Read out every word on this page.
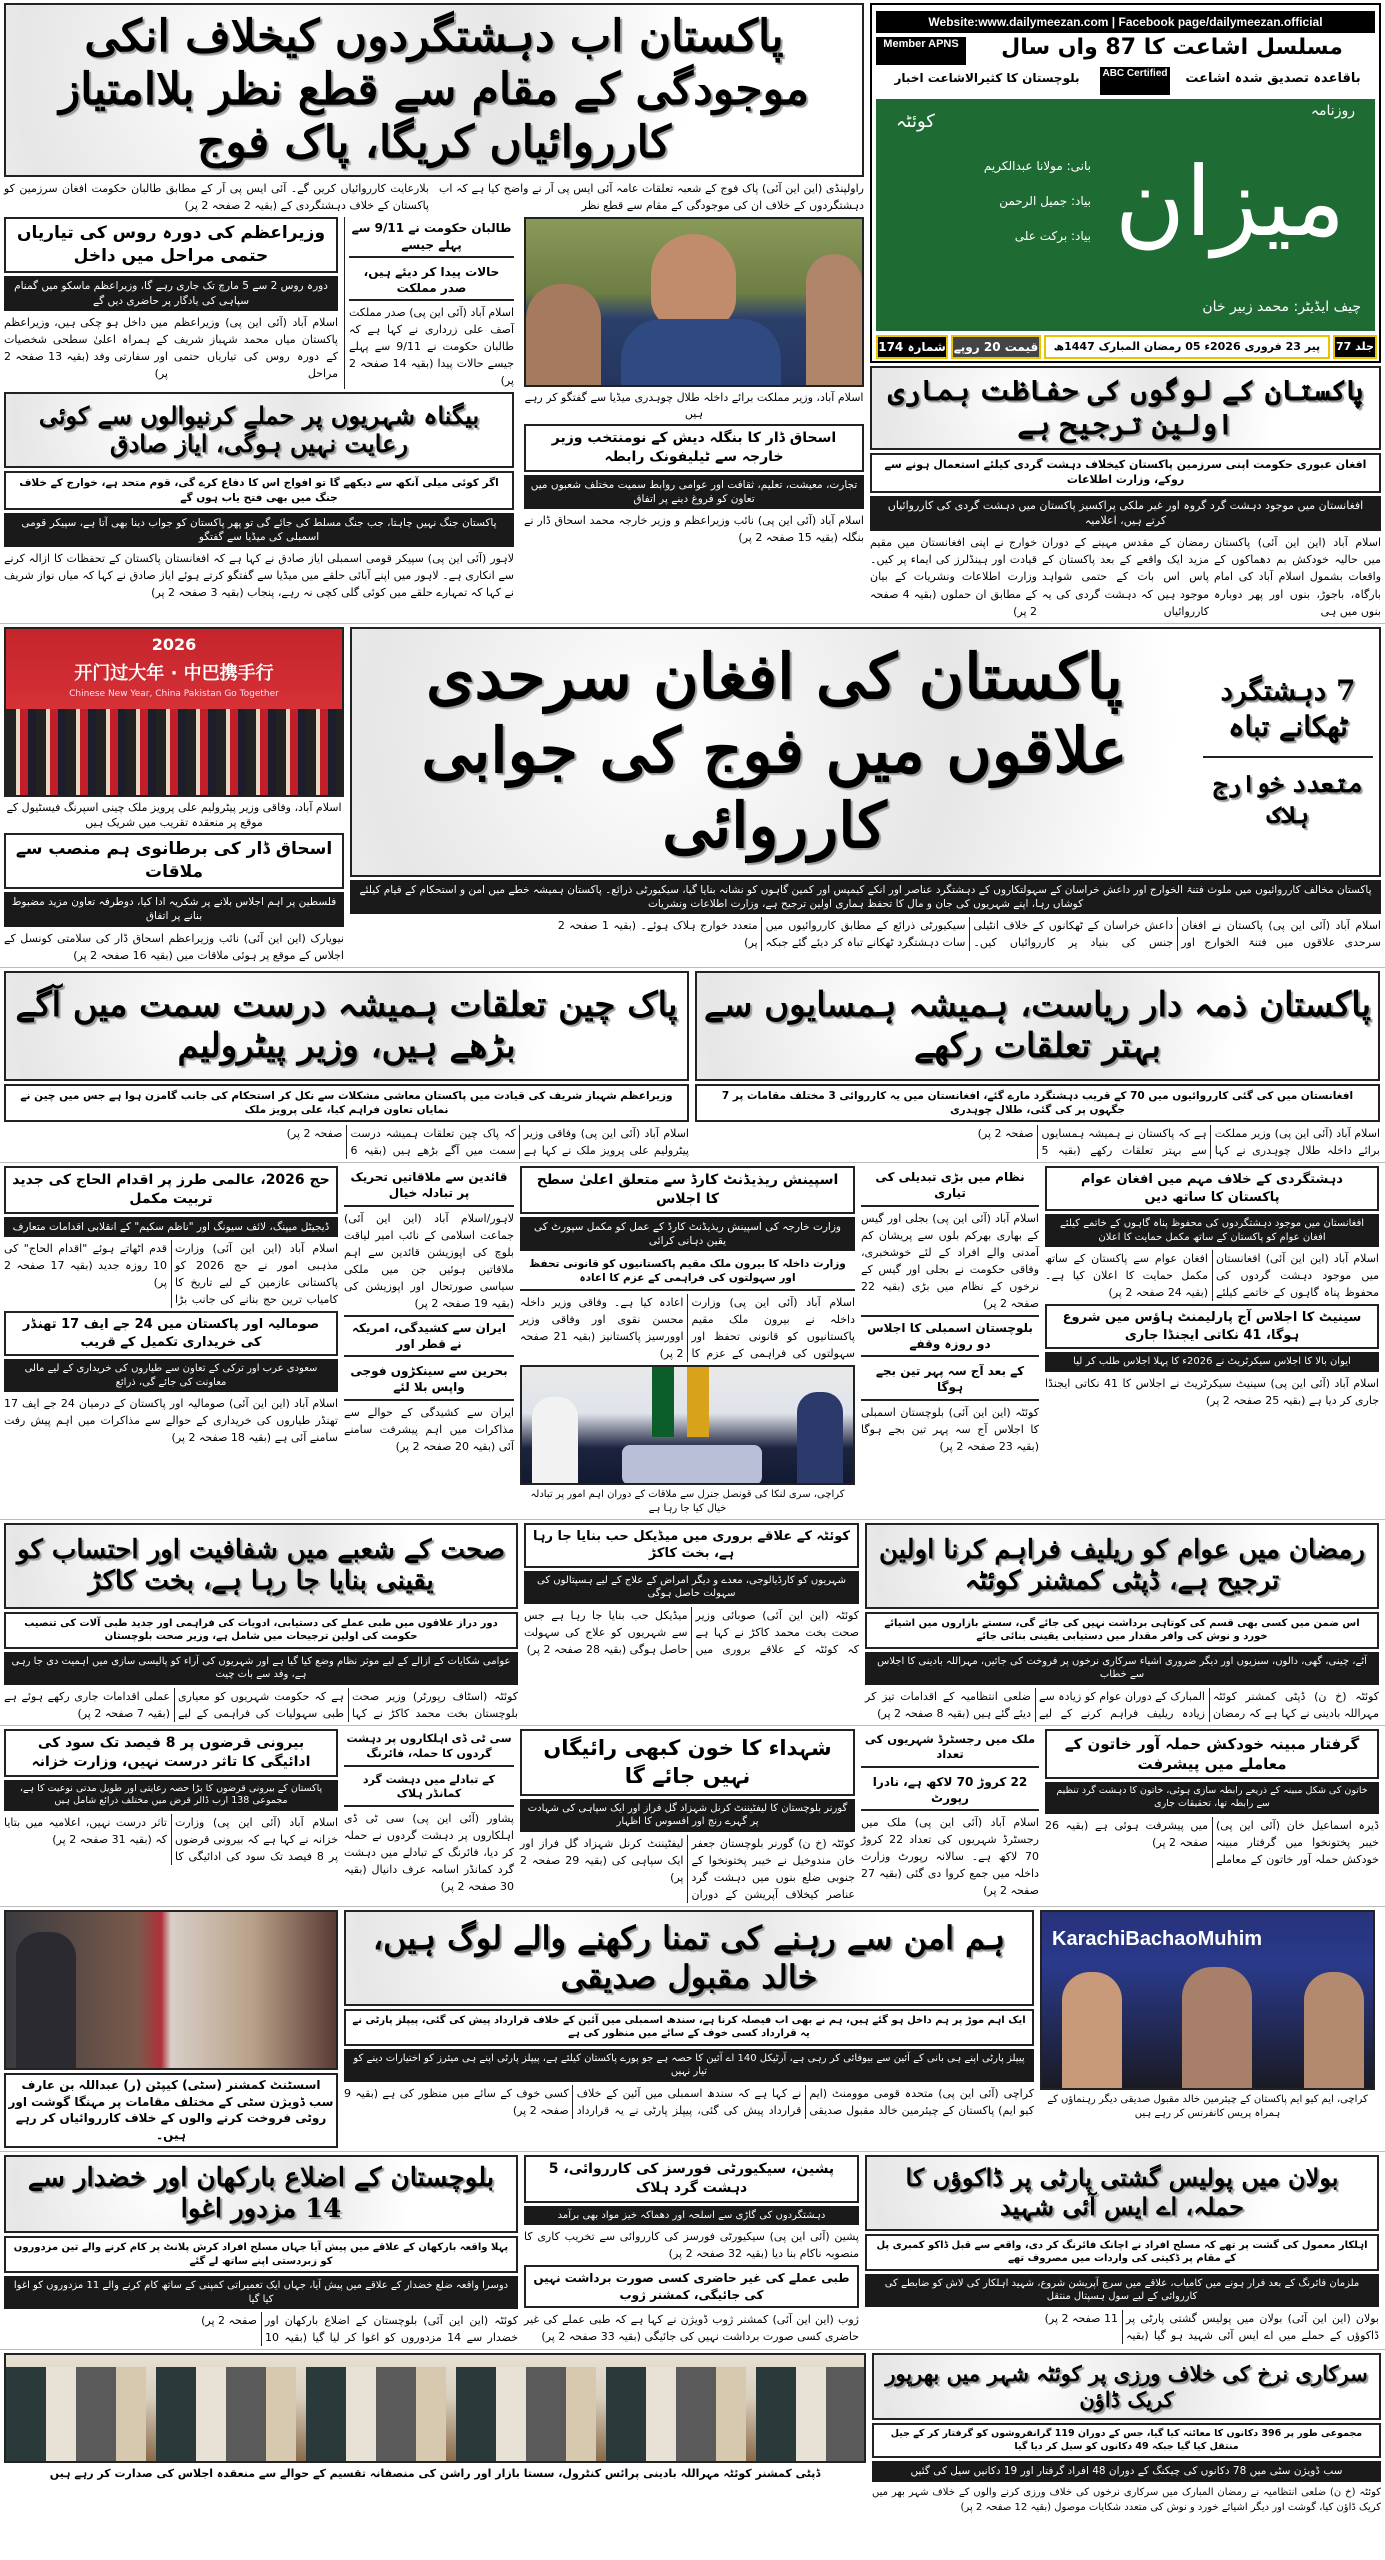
پاکستان اب دہشتگردوں کیخلاف انکی موجودگی کے مقام سے قطع نظر بلاامتیاز کارروائیاں کریگا، پاک فوج
بلارعایت کارروائیاں کریں گے۔ آئی ایس پی آر کے مطابق طالبان حکومت افغان سرزمین کو پاکستان کے خلاف دہشتگردی کے (بقیہ 2 صفحہ 2 پر)
راولپنڈی (این این آئی) پاک فوج کے شعبہ تعلقات عامہ آئی ایس پی آر نے واضح کیا ہے کہ اب دہشتگردوں کے خلاف ان کی موجودگی کے مقام سے قطع نظر
وزیراعظم کی دورہ روس کی تیاریاں حتمی مراحل میں داخل
دورہ روس 2 سے 5 مارچ تک جاری رہے گا، وزیراعظم ماسکو میں گمنام سپاہی کی یادگار پر حاضری دیں گے
میں داخل ہو چکی ہیں، وزیراعظم کے ہمراہ اعلیٰ سطحی شخصیات اور سفارتی وفد (بقیہ 13 صفحہ 2 پر)
اسلام آباد (آئی این پی) وزیراعظم پاکستان میاں محمد شہباز شریف کے دورہ روس کی تیاریاں حتمی مراحل
طالبان حکومت نے 9/11 سے پہلے جیسے
حالات پیدا کر دیئے ہیں، صدر مملکت
اسلام آباد (آئی این پی) صدر مملکت آصف علی زرداری نے کہا ہے کہ طالبان حکومت نے 9/11 سے پہلے جیسے حالات پیدا (بقیہ 14 صفحہ 2 پر)
بیگناہ شہریوں پر حملے کرنیوالوں سے کوئی رعایت نہیں ہوگی، ایاز صادق
اگر کوئی میلی آنکھ سے دیکھے گا تو افواج اس کا دفاع کرے گی، قوم متحد ہے، خوارج کے خلاف جنگ میں بھی فتح یاب ہوں گے
پاکستان جنگ نہیں چاہتا، جب جنگ مسلط کی جائے گی تو پھر پاکستان کو جواب دینا بھی آتا ہے، سپیکر قومی اسمبلی کی میڈیا سے گفتگو
لاہور (آئی این پی) سپیکر قومی اسمبلی ایاز صادق نے کہا ہے کہ افغانستان پاکستان کے تحفظات کا ازالہ کرنے سے انکاری ہے۔ لاہور میں اپنے آبائی حلقے میں میڈیا سے گفتگو کرتے ہوئے ایاز صادق نے کہا کہ میاں نواز شریف نے کہا کہ تمہارے حلقے میں کوئی گلی کچی نہ رہے، پنجاب (بقیہ 3 صفحہ 2 پر)
اسلام آباد، وزیر مملکت برائے داخلہ طلال چوہدری میڈیا سے گفتگو کر رہے ہیں
اسحاق ڈار کا بنگلہ دیش کے نومنتخب وزیر خارجہ سے ٹیلیفونک رابطہ
تجارت، معیشت، تعلیم، ثقافت اور عوامی روابط سمیت مختلف شعبوں میں تعاون کو فروغ دینے پر اتفاق
اسلام آباد (آئی این پی) نائب وزیراعظم و وزیر خارجہ محمد اسحاق ڈار نے بنگلہ (بقیہ 15 صفحہ 2 پر)
Website:www.dailymeezan.com | Facebook page/dailymeezan.official
Member APNS	مسلسل اشاعت کا 87 واں سال
باقاعدہ تصدیق شدہ اشاعت
ABC Certified
بلوچستان کا کثیرالاشاعت اخبار
روزنامہ
میزان
کوئٹہ
بانی: مولانا عبدالکریم
بیاد: جمیل الرحمن
بیاد: برکت علی
چیف ایڈیٹر: محمد زبیر خان
شمارہ 174 قیمت 20 روپے	پیر 23 فروری 2026ء 05 رمضان المبارک 1447ھ	جلد 77
پاکستان کے لوگوں کی حفاظت ہماری اولین ترجیح ہے
افغان عبوری حکومت اپنی سرزمین پاکستان کیخلاف دہشت گردی کیلئے استعمال ہونے سے روکے، وزارت اطلاعات
افغانستان میں موجود دہشت گرد گروہ اور غیر ملکی پراکسیز پاکستان میں دہشت گردی کی کارروائیاں کرتے ہیں، اعلامیہ
خوارج نے اپنی افغانستان میں مقیم قیادت اور ہینڈلرز کی ایماء پر کیں۔ وزارت اطلاعات ونشریات کے بیان کے مطابق ان حملوں (بقیہ 4 صفحہ 2 پر)
رمضان کے مقدس مہینے کے دوران مزید ایک واقعے کے بعد پاکستان کے پاس اس بات کے حتمی شواہد موجود ہیں کہ دہشت گردی کی یہ کارروائیاں
اسلام آباد (این این آئی) پاکستان میں حالیہ خودکش بم دھماکوں کے واقعات بشمول اسلام آباد کی امام بارگاہ، باجوڑ، بنوں اور پھر دوبارہ بنوں میں ہی
2026
开门过大年 · 中巴携手行
Chinese New Year, China Pakistan Go Together
اسلام آباد، وفاقی وزیر پیٹرولیم علی پرویز ملک چینی اسپرنگ فیسٹیول کے موقع پر منعقدہ تقریب میں شریک ہیں
اسحاق ڈار کی برطانوی ہم منصب سے ملاقات
فلسطین پر اہم اجلاس بلانے پر شکریہ ادا کیا، دوطرفہ تعاون مزید مضبوط بنانے پر اتفاق
نیویارک (این این آئی) نائب وزیراعظم اسحاق ڈار کی سلامتی کونسل کے اجلاس کے موقع پر ہوئی ملاقات میں (بقیہ 16 صفحہ 2 پر)
7 دہشتگرد ٹھکانے تباہ
متعدد خوارج ہلاک
پاکستان کی افغان سرحدی علاقوں میں فوج کی جوابی کارروائی
پاکستان مخالف کارروائیوں میں ملوث فتنۃ الخوارج اور داعش خراسان کے سہولتکاروں کے دہشتگرد عناصر اور انکے کیمپس اور کمین گاہوں کو نشانہ بنایا گیا، سیکیورٹی ذرائع۔ پاکستان ہمیشہ خطے میں امن و استحکام کے قیام کیلئے کوشاں رہا، اپنے شہریوں کی جان و مال کا تحفظ ہماری اولین ترجیح ہے، وزارت اطلاعات ونشریات
اسلام آباد (آئی این پی) پاکستان نے افغان سرحدی علاقوں میں فتنۃ الخوارج اور داعش خراسان کے ٹھکانوں کے خلاف انٹیلی جنس کی بنیاد پر کارروائیاں کیں۔ سیکیورٹی ذرائع کے مطابق کارروائیوں میں سات دہشتگرد ٹھکانے تباہ کر دیئے گئے جبکہ متعدد خوارج ہلاک ہوئے۔ (بقیہ 1 صفحہ 2 پر)
پاک چین تعلقات ہمیشہ درست سمت میں آگے بڑھے ہیں، وزیر پیٹرولیم
وزیراعظم شہباز شریف کی قیادت میں پاکستان معاشی مشکلات سے نکل کر استحکام کی جانب گامزن ہوا ہے جس میں چین نے نمایاں تعاون فراہم کیا، علی پرویز ملک
اسلام آباد (آئی این پی) وفاقی وزیر پیٹرولیم علی پرویز ملک نے کہا ہے کہ پاک چین تعلقات ہمیشہ درست سمت میں آگے بڑھے ہیں (بقیہ 6 صفحہ 2 پر)
پاکستان ذمہ دار ریاست، ہمیشہ ہمسایوں سے بہتر تعلقات رکھے
افغانستان میں کی گئی کارروائیوں میں 70 کے قریب دہشتگرد مارے گئے، افغانستان میں یہ کارروائی 3 مختلف مقامات پر 7 جگہوں پر کی گئی، طلال چوہدری
اسلام آباد (آئی این پی) وزیر مملکت برائے داخلہ طلال چوہدری نے کہا ہے کہ پاکستان نے ہمیشہ ہمسایوں سے بہتر تعلقات رکھے (بقیہ 5 صفحہ 2 پر)
حج 2026، عالمی طرز پر اقدام الحاج کی جدید تربیت مکمل
ڈیجیٹل میپنگ، لائف سیونگ اور "ناظم سکیم" کے انقلابی اقدامات متعارف
اسلام آباد (این این آئی) وزارت مذہبی امور نے حج 2026 کو پاکستانی عازمین کے لیے تاریخ کا کامیاب ترین حج بنانے کی جانب بڑا قدم اٹھاتے ہوئے "اقدام الحاج" کی 10 روزہ جدید (بقیہ 17 صفحہ 2 پر)
صومالیہ اور پاکستان میں 24 جے ایف 17 تھنڈر کی خریداری تکمیل کے قریب
سعودی عرب اور ترکی کے تعاون سے طیاروں کی خریداری کے لیے مالی معاونت کی جائے گی، ذرائع
اسلام آباد (این این آئی) صومالیہ اور پاکستان کے درمیان 24 جے ایف 17 تھنڈر طیاروں کی خریداری کے حوالے سے مذاکرات میں اہم پیش رفت سامنے آئی ہے (بقیہ 18 صفحہ 2 پر)
قائدین سے ملاقاتیں تحریک پر تبادلہ خیال
لاہور/اسلام آباد (این این آئی) جماعت اسلامی کے نائب امیر لیاقت بلوچ کی اپوزیشن قائدین سے اہم ملاقاتیں ہوئیں جن میں ملکی سیاسی صورتحال اور اپوزیشن کی (بقیہ 19 صفحہ 2 پر)
ایران سے کشیدگی، امریکہ نے قطر اور
بحرین سے سینکڑوں فوجی واپس بلا لئے
ایران سے کشیدگی کے حوالے سے مذاکرات میں اہم پیشرفت سامنے آئی (بقیہ 20 صفحہ 2 پر)
اسپینش ریذیڈنٹ کارڈ سے متعلق اعلیٰ سطح کا اجلاس
وزارت خارجہ کی اسپینش ریذیڈنٹ کارڈ کے عمل کو مکمل سپورٹ کی یقین دہانی کرائی
وزارت داخلہ کا بیرون ملک مقیم پاکستانیوں کو قانونی تحفظ اور سہولتوں کی فراہمی کے عزم کا اعادہ
اسلام آباد (آئی این پی) وزارت داخلہ نے بیرون ملک مقیم پاکستانیوں کو قانونی تحفظ اور سہولتوں کی فراہمی کے عزم کا اعادہ کیا ہے۔ وفاقی وزیر داخلہ محسن نقوی اور وفاقی وزیر اوورسیز پاکستانیز (بقیہ 21 صفحہ 2 پر)
کراچی، سری لنکا کی قونصل جنرل سے ملاقات کے دوران اہم امور پر تبادلہ خیال کیا جا رہا ہے
نظام میں بڑی تبدیلی کی تیاری
اسلام آباد (آئی این پی) بجلی اور گیس کے بھاری بھرکم بلوں سے پریشان کم آمدنی والے افراد کے لئے خوشخبری، وفاقی حکومت نے بجلی اور گیس کے نرخوں کے نظام میں بڑی (بقیہ 22 صفحہ 2 پر)
بلوچستان اسمبلی کا اجلاس دو روزہ وقفے
کے بعد آج سہ پہر تین بجے ہوگا
کوئٹہ (این این آئی) بلوچستان اسمبلی کا اجلاس آج سہ پہر تین بجے ہوگا (بقیہ 23 صفحہ 2 پر)
دہشتگردی کے خلاف مہم میں افغان عوام پاکستان کا ساتھ دیں
افغانستان میں موجود دہشتگردوں کی محفوظ پناہ گاہوں کے خاتمے کیلئے افغان عوام کو پاکستان کے ساتھ مکمل حمایت کا اعلان
اسلام آباد (این این آئی) افغانستان میں موجود دہشت گردوں کی محفوظ پناہ گاہوں کے خاتمے کیلئے افغان عوام سے پاکستان کے ساتھ مکمل حمایت کا اعلان کیا ہے۔ (بقیہ 24 صفحہ 2 پر)
سینیٹ کا اجلاس آج پارلیمنٹ ہاؤس میں شروع ہوگا، 41 نکاتی ایجنڈا جاری
ایوان بالا کا اجلاس سیکرٹریٹ نے 2026ء کا پہلا اجلاس طلب کر لیا
اسلام آباد (آئی این پی) سینیٹ سیکرٹریٹ نے اجلاس کا 41 نکاتی ایجنڈا جاری کر دیا ہے (بقیہ 25 صفحہ 2 پر)
صحت کے شعبے میں شفافیت اور احتساب کو یقینی بنایا جا رہا ہے، بخت کاکڑ
دور دراز علاقوں میں طبی عملے کی دستیابی، ادویات کی فراہمی اور جدید طبی آلات کی تنصیب حکومت کی اولین ترجیحات میں شامل ہے، وزیر صحت بلوچستان
عوامی شکایات کے ازالے کے لیے موثر نظام وضع کیا گیا ہے اور شہریوں کی آراء کو پالیسی سازی میں اہمیت دی جا رہی ہے، وفد سے بات چیت
کوئٹہ (اسٹاف رپورٹر) وزیر صحت بلوچستان بخت محمد کاکڑ نے کہا ہے کہ حکومت شہریوں کو معیاری طبی سہولیات کی فراہمی کے لیے عملی اقدامات جاری رکھے ہوئے ہے (بقیہ 7 صفحہ 2 پر)
کوئٹہ کے علاقے بروری میں میڈیکل حب بنایا جا رہا ہے، بخت کاکڑ
شہریوں کو کارڈیالوجی، معدے و دیگر امراض کے علاج کے لیے ہسپتالوں کی سہولت حاصل ہوگی
کوئٹہ (این این آئی) صوبائی وزیر صحت بخت محمد کاکڑ نے کہا ہے کہ کوئٹہ کے علاقے بروری میں میڈیکل حب بنایا جا رہا ہے جس سے شہریوں کو علاج کی سہولت حاصل ہوگی (بقیہ 28 صفحہ 2 پر)
رمضان میں عوام کو ریلیف فراہم کرنا اولین ترجیح ہے، ڈپٹی کمشنر کوئٹہ
اس ضمن میں کسی بھی قسم کی کوتاہی برداشت نہیں کی جائے گی، سستے بازاروں میں اشیائے خورد و نوش کی وافر مقدار میں دستیابی یقینی بنائی جائے
آٹے، چینی، گھی، دالوں، سبزیوں اور دیگر ضروری اشیاء سرکاری نرخوں پر فروخت کی جائیں، مہراللہ بادینی کا اجلاس سے خطاب
کوئٹہ (خ ن) ڈپٹی کمشنر کوئٹہ مہراللہ بادینی نے کہا ہے کہ رمضان المبارک کے دوران عوام کو زیادہ سے زیادہ ریلیف فراہم کرنے کے لیے ضلعی انتظامیہ کے اقدامات تیز کر دیئے گئے ہیں (بقیہ 8 صفحہ 2 پر)
بیرونی قرضوں پر 8 فیصد تک سود کی ادائیگی کا تاثر درست نہیں، وزارت خزانہ
پاکستان کے بیرونی قرضوں کا بڑا حصہ رعایتی اور طویل مدتی نوعیت کا ہے، مجموعی 138 ارب ڈالر قرض میں مختلف ذرائع شامل ہیں
اسلام آباد (آئی این پی) وزارت خزانہ نے کہا ہے کہ بیرونی قرضوں پر 8 فیصد تک سود کی ادائیگی کا تاثر درست نہیں، اعلامیہ میں بتایا کہ (بقیہ 31 صفحہ 2 پر)
سی ٹی ڈی اہلکاروں پر دہشت گردوں کا حملہ، فائرنگ
کے تبادلے میں دہشت گرد کمانڈر ہلاک
پشاور (آئی این پی) سی ٹی ڈی اہلکاروں پر دہشت گردوں نے حملہ کر دیا، فائرنگ کے تبادلے میں دہشت گرد کمانڈر اسامہ عرف دانیال (بقیہ 30 صفحہ 2 پر)
شہداء کا خون کبھی رائیگاں نہیں جائے گا
گورنر بلوچستان کا لیفٹیننٹ کرنل شہزاد گل فراز اور ایک سپاہی کی شہادت پر گہرے رنج اور افسوس کا اظہار
کوئٹہ (خ ن) گورنر بلوچستان جعفر خان مندوخیل نے خیبر پختونخوا کے جنوبی ضلع بنوں میں دہشت گرد عناصر کیخلاف آپریشن کے دوران لیفٹیننٹ کرنل شہزاد گل فراز اور ایک سپاہی کی (بقیہ 29 صفحہ 2 پر)
ملک میں رجسٹرڈ شہریوں کی تعداد
22 کروڑ 70 لاکھ ہے، نادرا رپورٹ
اسلام آباد (آئی این پی) ملک میں رجسٹرڈ شہریوں کی تعداد 22 کروڑ 70 لاکھ ہے۔ سالانہ رپورٹ وزارت داخلہ میں جمع کروا دی گئی (بقیہ 27 صفحہ 2 پر)
گرفتار مبینہ خودکش حملہ آور خاتون کے معاملے میں پیشرفت
خاتون کی شکل مبینہ کے ذریعے رابطہ سازی ہوئی، خاتون کا دہشت گرد تنظیم سے رابطہ تھا، تحقیقات جاری
ڈیرہ اسماعیل خان (آئی این پی) خیبر پختونخوا میں گرفتار مبینہ خودکش حملہ آور خاتون کے معاملے میں پیشرفت ہوئی ہے (بقیہ 26 صفحہ 2 پر)
اسسٹنٹ کمشنر (سٹی) کیپٹن (ر) عبداللہ بن عارف سب ڈویژن سٹی کے مختلف مقامات پر مہنگا گوشت اور روٹی فروخت کرنے والوں کے خلاف کارروائیاں کر رہے ہیں۔
ہم امن سے رہنے کی تمنا رکھنے والے لوگ ہیں، خالد مقبول صدیقی
ایک اہم موڑ پر ہم داخل ہو گئے ہیں، ہم نے بھی اب فیصلہ کرنا ہے، سندھ اسمبلی میں آئین کے خلاف قرارداد پیش کی گئی، پیپلز پارٹی نے یہ قرارداد کسی خوف کے سائے میں منظور کی ہے
پیپلز پارٹی اپنے ہی بانی کے آئین سے بیوفائی کر رہی ہے، آرٹیکل 140 اے آئین کا حصہ ہے جو پورے پاکستان کیلئے ہے، پیپلز پارٹی اپنے ہی میئرز کو اختیارات دینے کو تیار نہیں
کراچی (آئی این پی) متحدہ قومی موومنٹ (ایم کیو ایم) پاکستان کے چیئرمین خالد مقبول صدیقی نے کہا ہے کہ سندھ اسمبلی میں آئین کے خلاف قرارداد پیش کی گئی، پیپلز پارٹی نے یہ قرارداد کسی خوف کے سائے میں منظور کی ہے (بقیہ 9 صفحہ 2 پر)
KarachiBachaoMuhim
کراچی، ایم کیو ایم پاکستان کے چیئرمین خالد مقبول صدیقی دیگر رہنماؤں کے ہمراہ پریس کانفرنس کر رہے ہیں
بلوچستان کے اضلاع بارکھان اور خضدار سے 14 مزدور اغوا
پہلا واقعہ بارکھان کے علاقے میں پیش آیا جہاں مسلح افراد کرش پلانٹ پر کام کرنے والے تین مزدوروں کو زبردستی اپنے ساتھ لے گئے
دوسرا واقعہ ضلع خضدار کے علاقے میں پیش آیا، جہاں ایک تعمیراتی کمپنی کے ساتھ کام کرنے والے 11 مزدوروں کو اغوا کیا گیا
کوئٹہ (این این آئی) بلوچستان کے اضلاع بارکھان اور خضدار سے 14 مزدوروں کو اغوا کر لیا گیا (بقیہ 10 صفحہ 2 پر)
پشین، سیکیورٹی فورسز کی کارروائی، 5 دہشت گرد ہلاک
دہشتگردوں کی گاڑی سے اسلحہ اور دھماکہ خیز مواد بھی برآمد
پشین (آئی این پی) سیکیورٹی فورسز کی کارروائی سے تخریب کاری کا منصوبہ ناکام بنا دیا (بقیہ 32 صفحہ 2 پر)
طبی عملے کی غیر حاضری کسی صورت برداشت نہیں کی جائیگی، کمشنر ژوب
ژوب (این این آئی) کمشنر ژوب ڈویژن نے کہا ہے کہ طبی عملے کی غیر حاضری کسی صورت برداشت نہیں کی جائیگی (بقیہ 33 صفحہ 2 پر)
بولان میں پولیس گشتی پارٹی پر ڈاکوؤں کا حملہ، اے ایس آئی شہید
اہلکار معمول کی گشت پر تھے کہ مسلح افراد نے اچانک فائرنگ کر دی، واقعے سے قبل ڈاکو کمبری پل کے مقام پر ڈکیتی کی واردات میں مصروف تھے
ملزمان فائرنگ کے بعد فرار ہونے میں کامیاب، علاقے میں سرچ آپریشن شروع، شہید اہلکار کی لاش کو ضابطے کی کارروائی کے لیے سول ہسپتال منتقل
بولان (این این آئی) بولان میں پولیس گشتی پارٹی پر ڈاکوؤں کے حملے میں اے ایس آئی شہید ہو گیا (بقیہ 11 صفحہ 2 پر)
ڈپٹی کمشنر کوئٹہ مہراللہ بادینی پرائس کنٹرول، سستا بازار اور راشن کی منصفانہ تقسیم کے حوالے سے منعقدہ اجلاس کی صدارت کر رہے ہیں
سرکاری نرخ کی خلاف ورزی پر کوئٹہ شہر میں بھرپور کریک ڈاؤن
مجموعی طور پر 396 دکانوں کا معائنہ کیا گیا، جس کے دوران 119 گرانفروشوں کو گرفتار کر کے جیل منتقل کیا گیا جبکہ 49 دکانوں کو سیل کر دیا گیا
سب ڈویژن سٹی میں 78 دکانوں کی چیکنگ کے دوران 48 افراد گرفتار اور 19 دکانیں سیل کی گئیں
کوئٹہ (خ ن) ضلعی انتظامیہ نے رمضان المبارک میں سرکاری نرخوں کی خلاف ورزی کرنے والوں کے خلاف شہر بھر میں کریک ڈاؤن کیا، گوشت اور دیگر اشیائے خورد و نوش کی متعدد شکایات موصول (بقیہ 12 صفحہ 2 پر)
